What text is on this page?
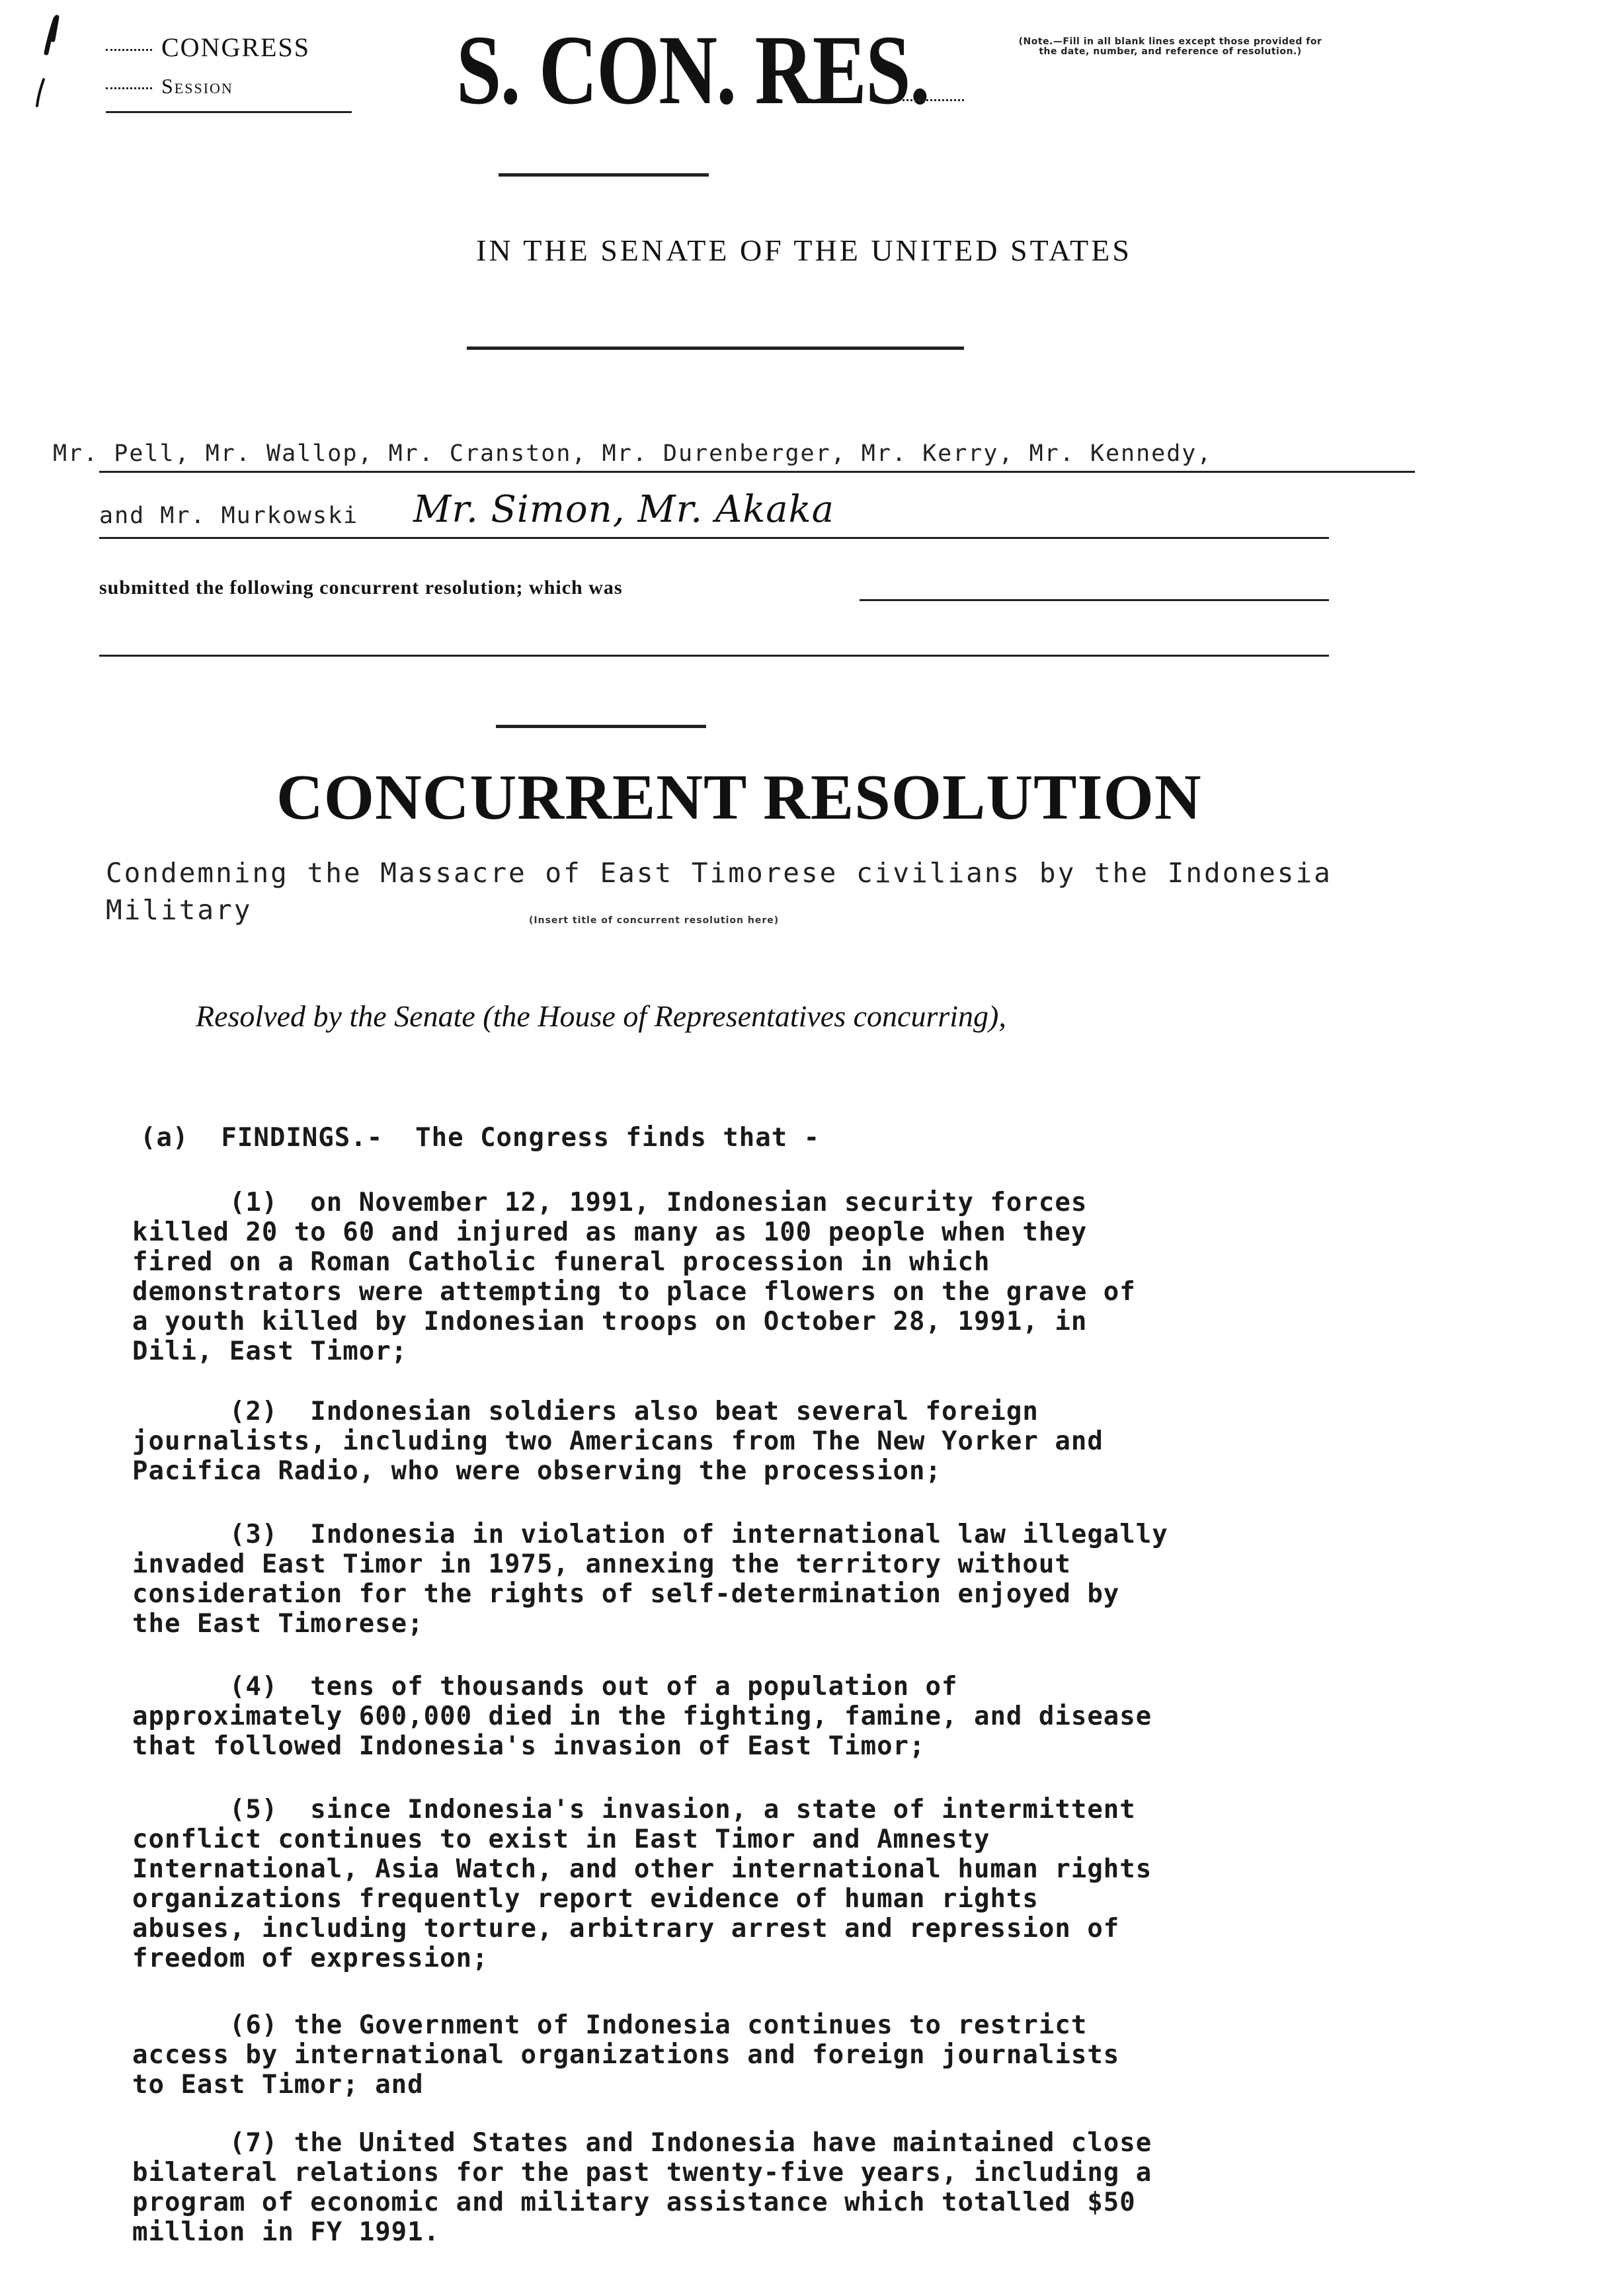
CONGRESS
Session S. CON. RES.	(Note.—Fill in all blank lines except those provided for the date, number, and reference of resolution.)
IN THE SENATE OF THE UNITED STATES
Mr. Pell, Mr. Wallop, Mr. Cranston, Mr. Durenberger, Mr. Kerry, Mr. Kennedy,
and Mr. Murkowski Mr. Simon, Mr. Akaka
submitted the following concurrent resolution; which was
CONCURRENT RESOLUTION
Condemning the Massacre of East Timorese civilians by the Indonesia
Military	(Insert title of concurrent resolution here)
Resolved by the Senate (the House of Representatives concurring),
(a)  FINDINGS.-  The Congress finds that -
(1)  on November 12, 1991, Indonesian security forces
killed 20 to 60 and injured as many as 100 people when they
fired on a Roman Catholic funeral procession in which
demonstrators were attempting to place flowers on the grave of
a youth killed by Indonesian troops on October 28, 1991, in
Dili, East Timor;
(2)  Indonesian soldiers also beat several foreign
journalists, including two Americans from The New Yorker and
Pacifica Radio, who were observing the procession;
(3)  Indonesia in violation of international law illegally
invaded East Timor in 1975, annexing the territory without
consideration for the rights of self-determination enjoyed by
the East Timorese;
(4)  tens of thousands out of a population of
approximately 600,000 died in the fighting, famine, and disease
that followed Indonesia's invasion of East Timor;
(5)  since Indonesia's invasion, a state of intermittent
conflict continues to exist in East Timor and Amnesty
International, Asia Watch, and other international human rights
organizations frequently report evidence of human rights
abuses, including torture, arbitrary arrest and repression of
freedom of expression;
(6) the Government of Indonesia continues to restrict
access by international organizations and foreign journalists
to East Timor; and
(7) the United States and Indonesia have maintained close
bilateral relations for the past twenty-five years, including a
program of economic and military assistance which totalled $50
million in FY 1991.
